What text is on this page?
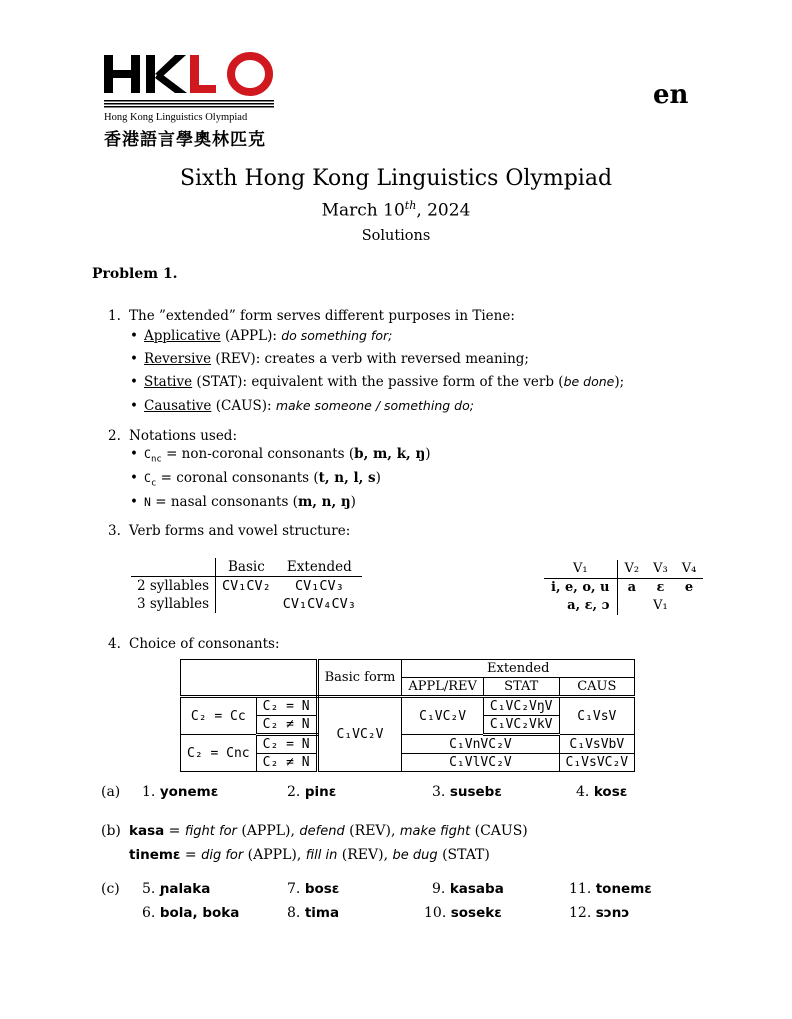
Hong Kong Linguistics Olympiad
香港語言學奧林匹克
en
Sixth Hong Kong Linguistics Olympiad
March 10th, 2024
Solutions
Problem 1.
1. The ”extended” form serves different purposes in Tiene:
• Applicative (APPL): do something for;
• Reversive (REV): creates a verb with reversed meaning;
• Stative (STAT): equivalent with the passive form of the verb (be done);
• Causative (CAUS): make someone / something do;
2. Notations used:
• $C_{nc}$ = non-coronal consonants (b, m, k, ŋ)
• $C_c$ = coronal consonants (t, n, l, s)
• N = nasal consonants (m, n, ŋ)
3. Verb forms and vowel structure:
	Basic	Extended
2 syllables	CV₁CV₂	CV₁CV₃
3 syllables		CV₁CV₄CV₃
V₁	V₂	V₃	V₄
i, e, o, u	a	ɛ	e
a, ɛ, ɔ		V₁	
4. Choice of consonants:
		Basic form	Extended		
			APPL/REV	STAT	CAUS
C₂ = Cc	C₂ = N	C₁VC₂V	C₁VC₂V	C₁VC₂VŋV	C₁VsV
	C₂ ≠ N			C₁VC₂VkV	
C₂ = Cnc	C₂ = N		C₁VnVC₂V		C₁VsVbV
	C₂ ≠ N		C₁VlVC₂V		C₁VsVC₂V
(a) 1. yonemɛ	2. pinɛ	3. susebɛ	4. kosɛ
(b) kasa = fight for (APPL), defend (REV), make fight (CAUS)
tinemɛ = dig for (APPL), fill in (REV), be dug (STAT)
(c) 5. ɲalaka	7. bosɛ	9. kasaba	11. tonemɛ
6. bola, boka	8. tima	10. sosekɛ	12. sɔnɔ
